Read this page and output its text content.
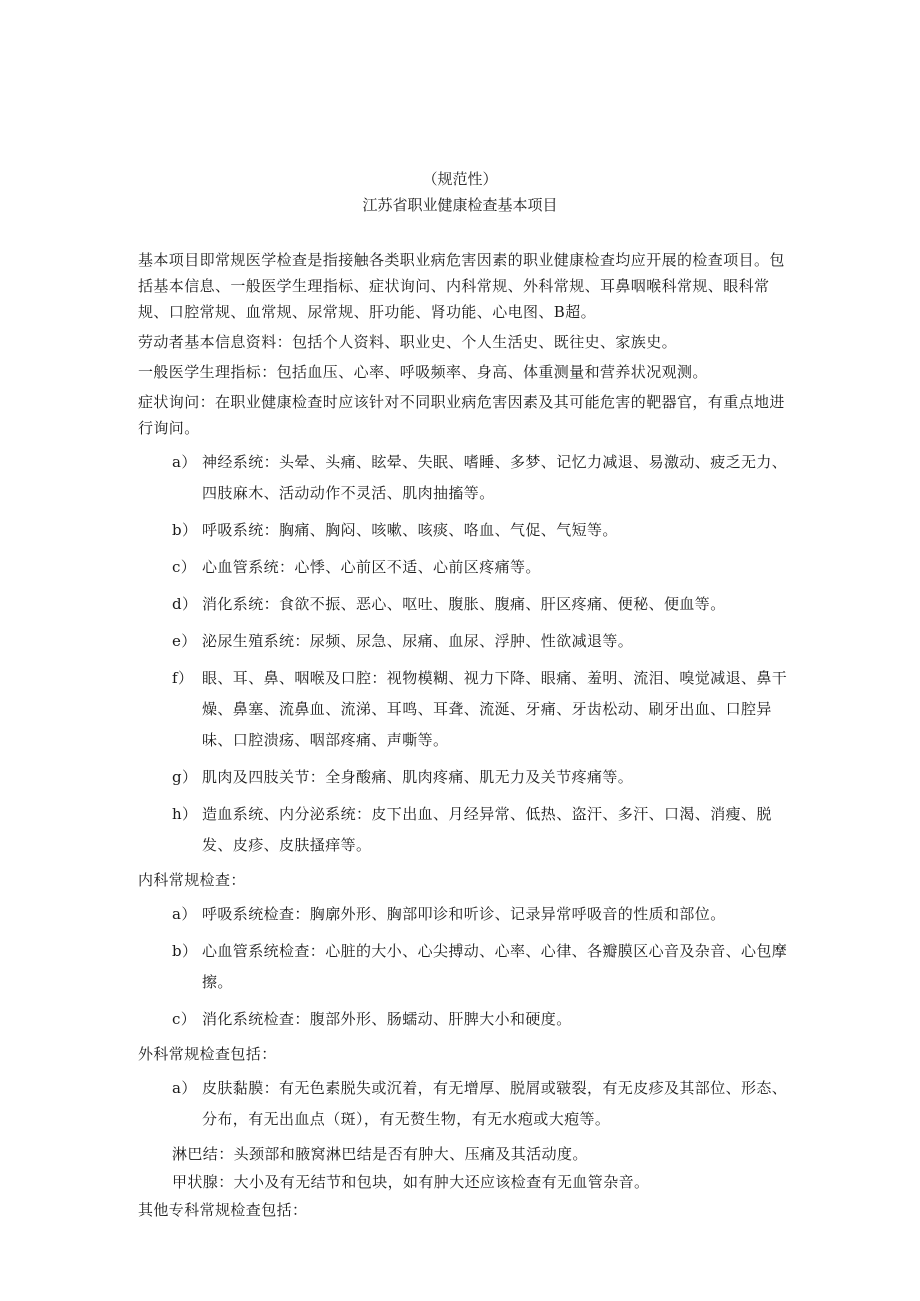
（规范性）
江苏省职业健康检查基本项目
基本项目即常规医学检查是指接触各类职业病危害因素的职业健康检查均应开展的检查项目。包括基本信息、一般医学生理指标、症状询问、内科常规、外科常规、耳鼻咽喉科常规、眼科常规、口腔常规、血常规、尿常规、肝功能、肾功能、心电图、B超。
劳动者基本信息资料：包括个人资料、职业史、个人生活史、既往史、家族史。
一般医学生理指标：包括血压、心率、呼吸频率、身高、体重测量和营养状况观测。
症状询问：在职业健康检查时应该针对不同职业病危害因素及其可能危害的靶器官，有重点地进行询问。
a） 神经系统：头晕、头痛、眩晕、失眠、嗜睡、多梦、记忆力减退、易激动、疲乏无力、四肢麻木、活动动作不灵活、肌肉抽搐等。
b） 呼吸系统：胸痛、胸闷、咳嗽、咳痰、咯血、气促、气短等。
c） 心血管系统：心悸、心前区不适、心前区疼痛等。
d） 消化系统：食欲不振、恶心、呕吐、腹胀、腹痛、肝区疼痛、便秘、便血等。
e） 泌尿生殖系统：尿频、尿急、尿痛、血尿、浮肿、性欲减退等。
f） 眼、耳、鼻、咽喉及口腔：视物模糊、视力下降、眼痛、羞明、流泪、嗅觉减退、鼻干燥、鼻塞、流鼻血、流涕、耳鸣、耳聋、流涎、牙痛、牙齿松动、刷牙出血、口腔异味、口腔溃疡、咽部疼痛、声嘶等。
g） 肌肉及四肢关节：全身酸痛、肌肉疼痛、肌无力及关节疼痛等。
h） 造血系统、内分泌系统：皮下出血、月经异常、低热、盗汗、多汗、口渴、消瘦、脱发、皮疹、皮肤搔痒等。
内科常规检查：
a） 呼吸系统检查：胸廓外形、胸部叩诊和听诊、记录异常呼吸音的性质和部位。
b） 心血管系统检查：心脏的大小、心尖搏动、心率、心律、各瓣膜区心音及杂音、心包摩擦。
c） 消化系统检查：腹部外形、肠蠕动、肝脾大小和硬度。
外科常规检查包括：
a） 皮肤黏膜：有无色素脱失或沉着，有无增厚、脱屑或皲裂，有无皮疹及其部位、形态、分布，有无出血点（斑），有无赘生物，有无水疱或大疱等。
淋巴结：头颈部和腋窝淋巴结是否有肿大、压痛及其活动度。
甲状腺：大小及有无结节和包块，如有肿大还应该检查有无血管杂音。
其他专科常规检查包括：
